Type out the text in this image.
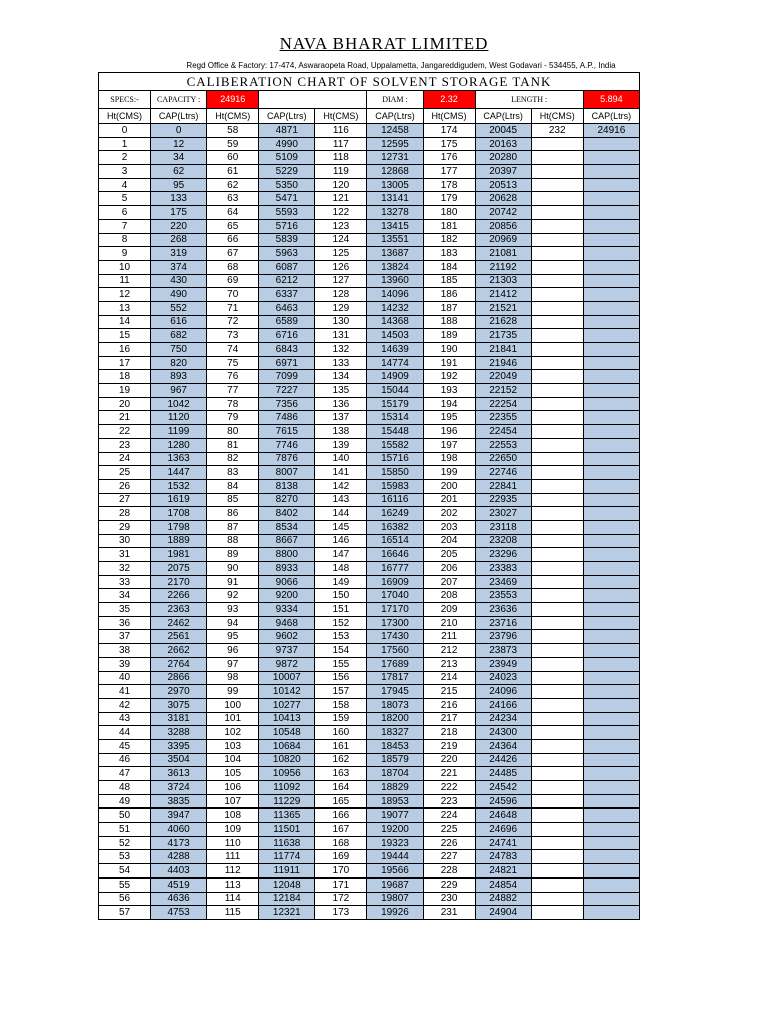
NAVA BHARAT LIMITED
Regd Office & Factory: 17-474, Aswaraopeta Road, Uppalametta, Jangareddigudem, West Godavari - 534455, A.P., India
CALIBERATION CHART OF SOLVENT STORAGE TANK									
SPECS:-	CAPACITY :	24916			DIAM :	2.32	LENGTH :		5.894
Ht(CMS)	CAP(Ltrs)	Ht(CMS)	CAP(Ltrs)	Ht(CMS)	CAP(Ltrs)	Ht(CMS)	CAP(Ltrs)	Ht(CMS)	CAP(Ltrs)
0	0	58	4871	116	12458	174	20045	232	24916
1	12	59	4990	117	12595	175	20163		
2	34	60	5109	118	12731	176	20280		
3	62	61	5229	119	12868	177	20397		
4	95	62	5350	120	13005	178	20513		
5	133	63	5471	121	13141	179	20628		
6	175	64	5593	122	13278	180	20742		
7	220	65	5716	123	13415	181	20856		
8	268	66	5839	124	13551	182	20969		
9	319	67	5963	125	13687	183	21081		
10	374	68	6087	126	13824	184	21192		
11	430	69	6212	127	13960	185	21303		
12	490	70	6337	128	14096	186	21412		
13	552	71	6463	129	14232	187	21521		
14	616	72	6589	130	14368	188	21628		
15	682	73	6716	131	14503	189	21735		
16	750	74	6843	132	14639	190	21841		
17	820	75	6971	133	14774	191	21946		
18	893	76	7099	134	14909	192	22049		
19	967	77	7227	135	15044	193	22152		
20	1042	78	7356	136	15179	194	22254		
21	1120	79	7486	137	15314	195	22355		
22	1199	80	7615	138	15448	196	22454		
23	1280	81	7746	139	15582	197	22553		
24	1363	82	7876	140	15716	198	22650		
25	1447	83	8007	141	15850	199	22746		
26	1532	84	8138	142	15983	200	22841		
27	1619	85	8270	143	16116	201	22935		
28	1708	86	8402	144	16249	202	23027		
29	1798	87	8534	145	16382	203	23118		
30	1889	88	8667	146	16514	204	23208		
31	1981	89	8800	147	16646	205	23296		
32	2075	90	8933	148	16777	206	23383		
33	2170	91	9066	149	16909	207	23469		
34	2266	92	9200	150	17040	208	23553		
35	2363	93	9334	151	17170	209	23636		
36	2462	94	9468	152	17300	210	23716		
37	2561	95	9602	153	17430	211	23796		
38	2662	96	9737	154	17560	212	23873		
39	2764	97	9872	155	17689	213	23949		
40	2866	98	10007	156	17817	214	24023		
41	2970	99	10142	157	17945	215	24096		
42	3075	100	10277	158	18073	216	24166		
43	3181	101	10413	159	18200	217	24234		
44	3288	102	10548	160	18327	218	24300		
45	3395	103	10684	161	18453	219	24364		
46	3504	104	10820	162	18579	220	24426		
47	3613	105	10956	163	18704	221	24485		
48	3724	106	11092	164	18829	222	24542		
49	3835	107	11229	165	18953	223	24596		
50	3947	108	11365	166	19077	224	24648		
51	4060	109	11501	167	19200	225	24696		
52	4173	110	11638	168	19323	226	24741		
53	4288	111	11774	169	19444	227	24783		
54	4403	112	11911	170	19566	228	24821		
55	4519	113	12048	171	19687	229	24854		
56	4636	114	12184	172	19807	230	24882		
57	4753	115	12321	173	19926	231	24904		
